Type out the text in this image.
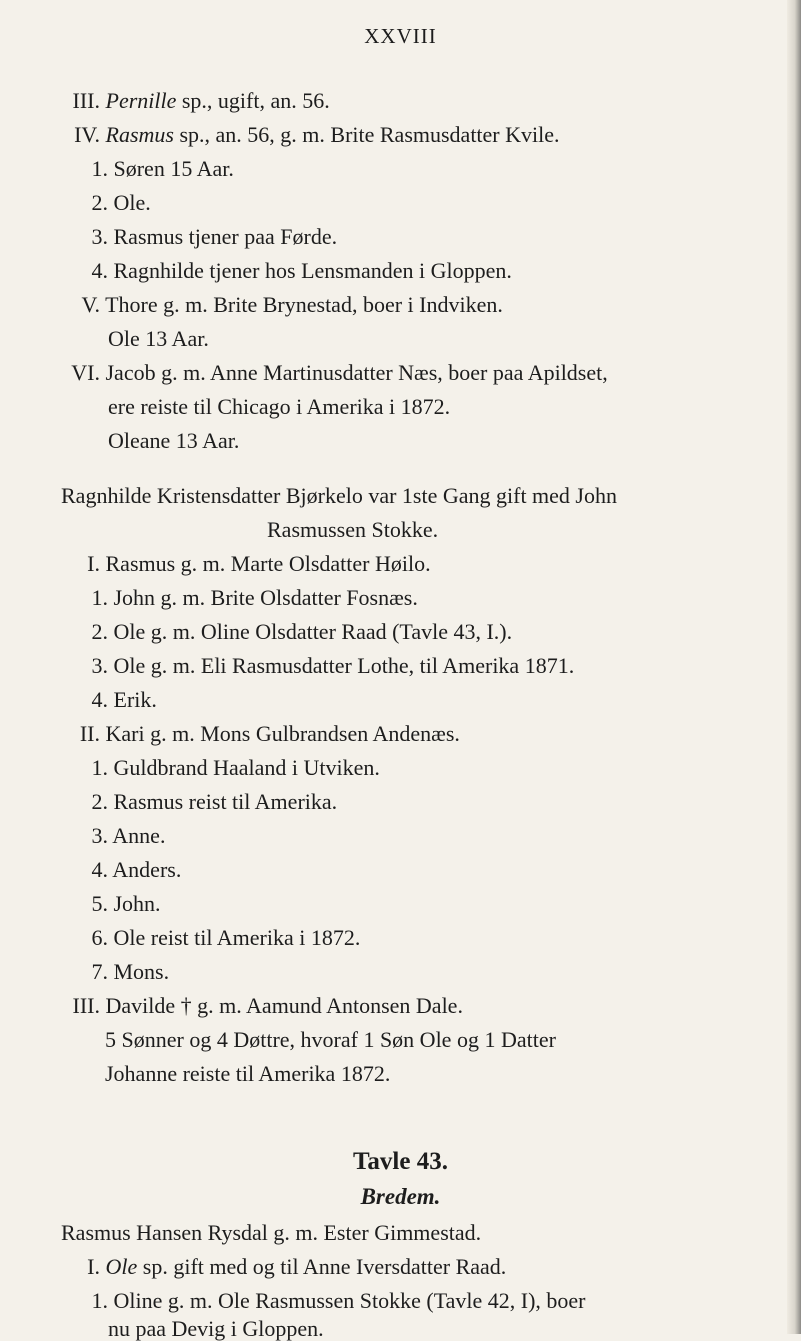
XXVIII
III. Pernille sp., ugift, an. 56.
IV. Rasmus sp., an. 56, g. m. Brite Rasmusdatter Kvile.
1. Søren 15 Aar.
2. Ole.
3. Rasmus tjener paa Førde.
4. Ragnhilde tjener hos Lensmanden i Gloppen.
V. Thore g. m. Brite Brynestad, boer i Indviken.
Ole 13 Aar.
VI. Jacob g. m. Anne Martinusdatter Næs, boer paa Apildset,
ere reiste til Chicago i Amerika i 1872.
Oleane 13 Aar.
Ragnhilde Kristensdatter Bjørkelo var 1ste Gang gift med John
Rasmussen Stokke.
I. Rasmus g. m. Marte Olsdatter Høilo.
1. John g. m. Brite Olsdatter Fosnæs.
2. Ole g. m. Oline Olsdatter Raad (Tavle 43, I.).
3. Ole g. m. Eli Rasmusdatter Lothe, til Amerika 1871.
4. Erik.
II. Kari g. m. Mons Gulbrandsen Andenæs.
1. Guldbrand Haaland i Utviken.
2. Rasmus reist til Amerika.
3. Anne.
4. Anders.
5. John.
6. Ole reist til Amerika i 1872.
7. Mons.
III. Davilde † g. m. Aamund Antonsen Dale.
5 Sønner og 4 Døttre, hvoraf 1 Søn Ole og 1 Datter
Johanne reiste til Amerika 1872.
Tavle 43.
Bredem.
Rasmus Hansen Rysdal g. m. Ester Gimmestad.
I. Ole sp. gift med og til Anne Iversdatter Raad.
1. Oline g. m. Ole Rasmussen Stokke (Tavle 42, I), boer
nu paa Devig i Gloppen.
